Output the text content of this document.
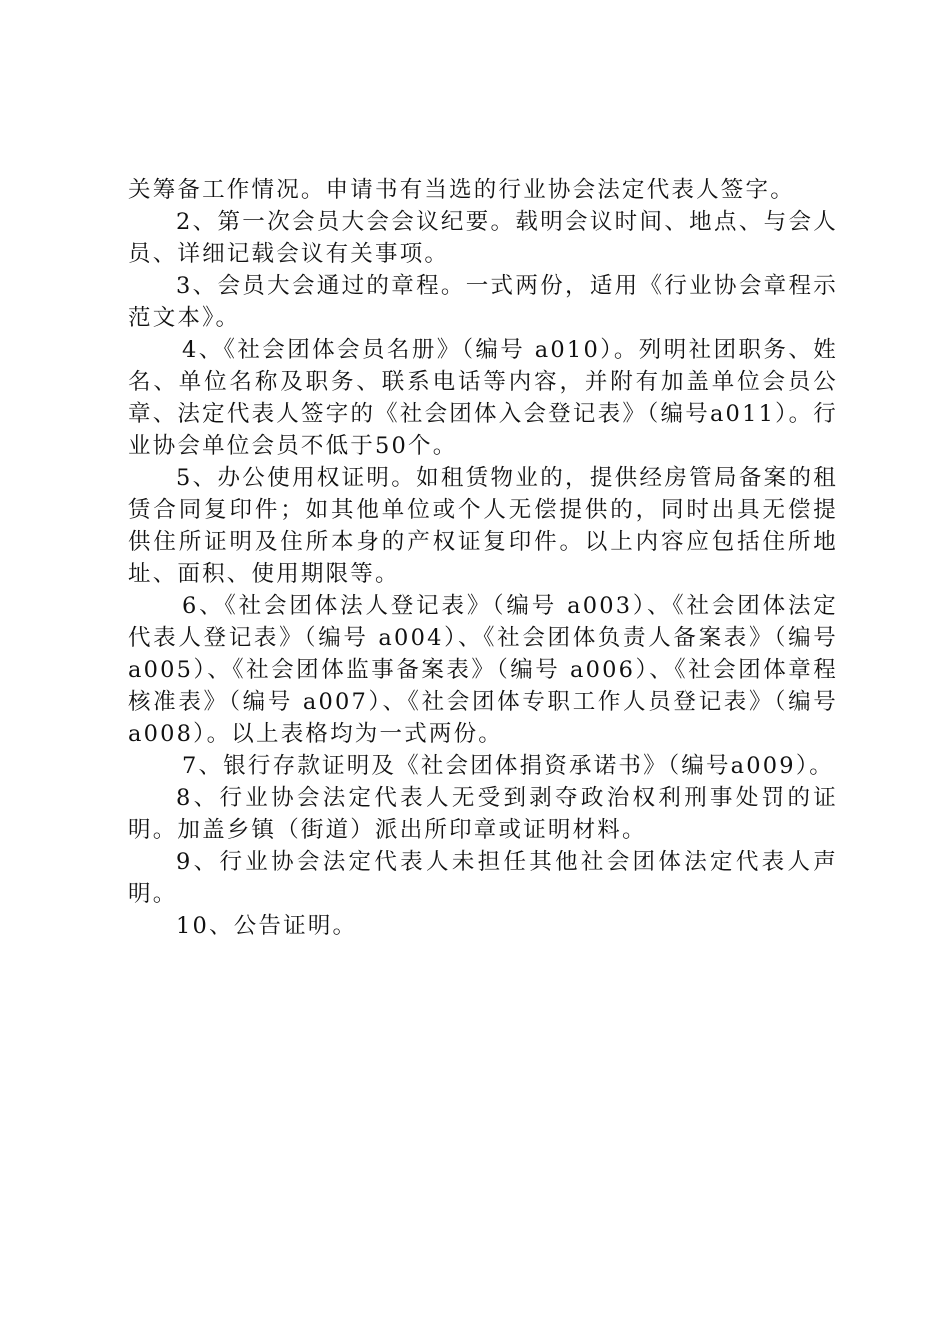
关筹备工作情况。申请书有当选的行业协会法定代表人签字。

2、第一次会员大会会议纪要。载明会议时间、地点、与会人员、详细记载会议有关事项。

3、会员大会通过的章程。一式两份，适用《行业协会章程示范文本》。

4、《社会团体会员名册》（编号 a010）。列明社团职务、姓名、单位名称及职务、联系电话等内容，并附有加盖单位会员公章、法定代表人签字的《社会团体入会登记表》（编号a011）。行业协会单位会员不低于50个。

5、办公使用权证明。如租赁物业的，提供经房管局备案的租赁合同复印件；如其他单位或个人无偿提供的，同时出具无偿提供住所证明及住所本身的产权证复印件。以上内容应包括住所地址、面积、使用期限等。

6、《社会团体法人登记表》（编号 a003）、《社会团体法定代表人登记表》（编号 a004）、《社会团体负责人备案表》（编号 a005）、《社会团体监事备案表》（编号 a006）、《社会团体章程核准表》（编号 a007）、《社会团体专职工作人员登记表》（编号 a008）。以上表格均为一式两份。

7、银行存款证明及《社会团体捐资承诺书》（编号a009）。

8、行业协会法定代表人无受到剥夺政治权利刑事处罚的证明。加盖乡镇（街道）派出所印章或证明材料。

9、行业协会法定代表人未担任其他社会团体法定代表人声明。

10、公告证明。
